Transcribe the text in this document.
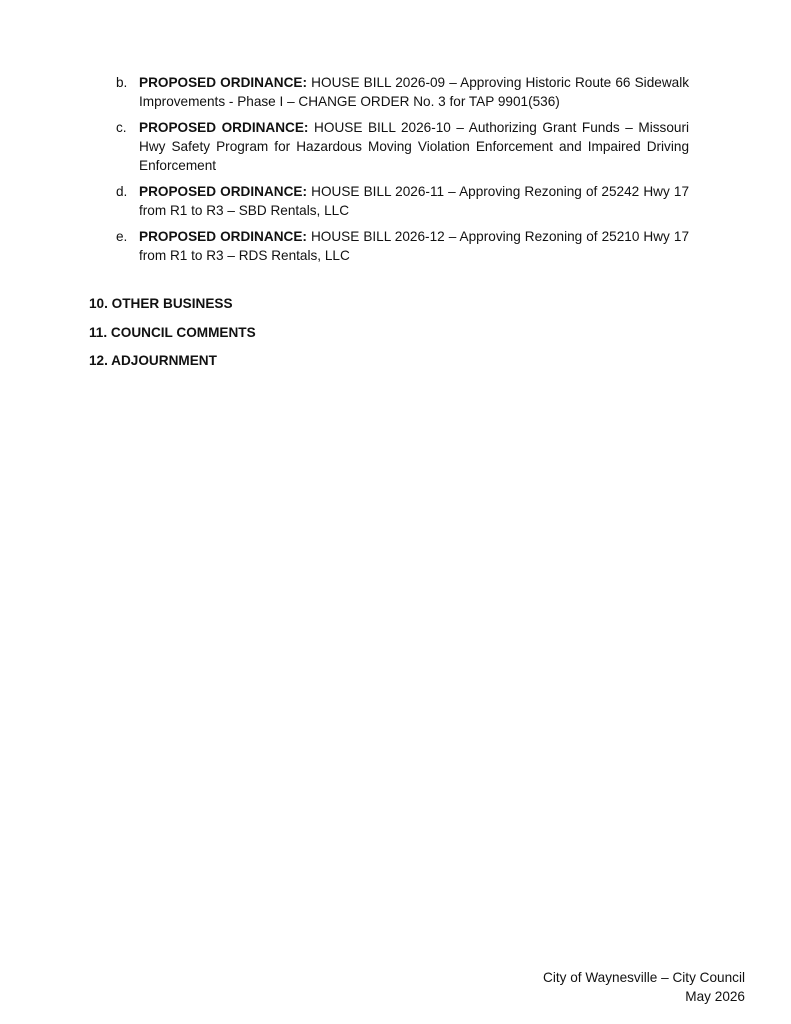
b. PROPOSED ORDINANCE: HOUSE BILL 2026-09 – Approving Historic Route 66 Sidewalk Improvements - Phase I – CHANGE ORDER No. 3 for TAP 9901(536)
c. PROPOSED ORDINANCE: HOUSE BILL 2026-10 – Authorizing Grant Funds – Missouri Hwy Safety Program for Hazardous Moving Violation Enforcement and Impaired Driving Enforcement
d. PROPOSED ORDINANCE: HOUSE BILL 2026-11 – Approving Rezoning of 25242 Hwy 17 from R1 to R3 – SBD Rentals, LLC
e. PROPOSED ORDINANCE: HOUSE BILL 2026-12 – Approving Rezoning of 25210 Hwy 17 from R1 to R3 – RDS Rentals, LLC
10. OTHER BUSINESS
11. COUNCIL COMMENTS
12. ADJOURNMENT
City of Waynesville – City Council
May 2026
